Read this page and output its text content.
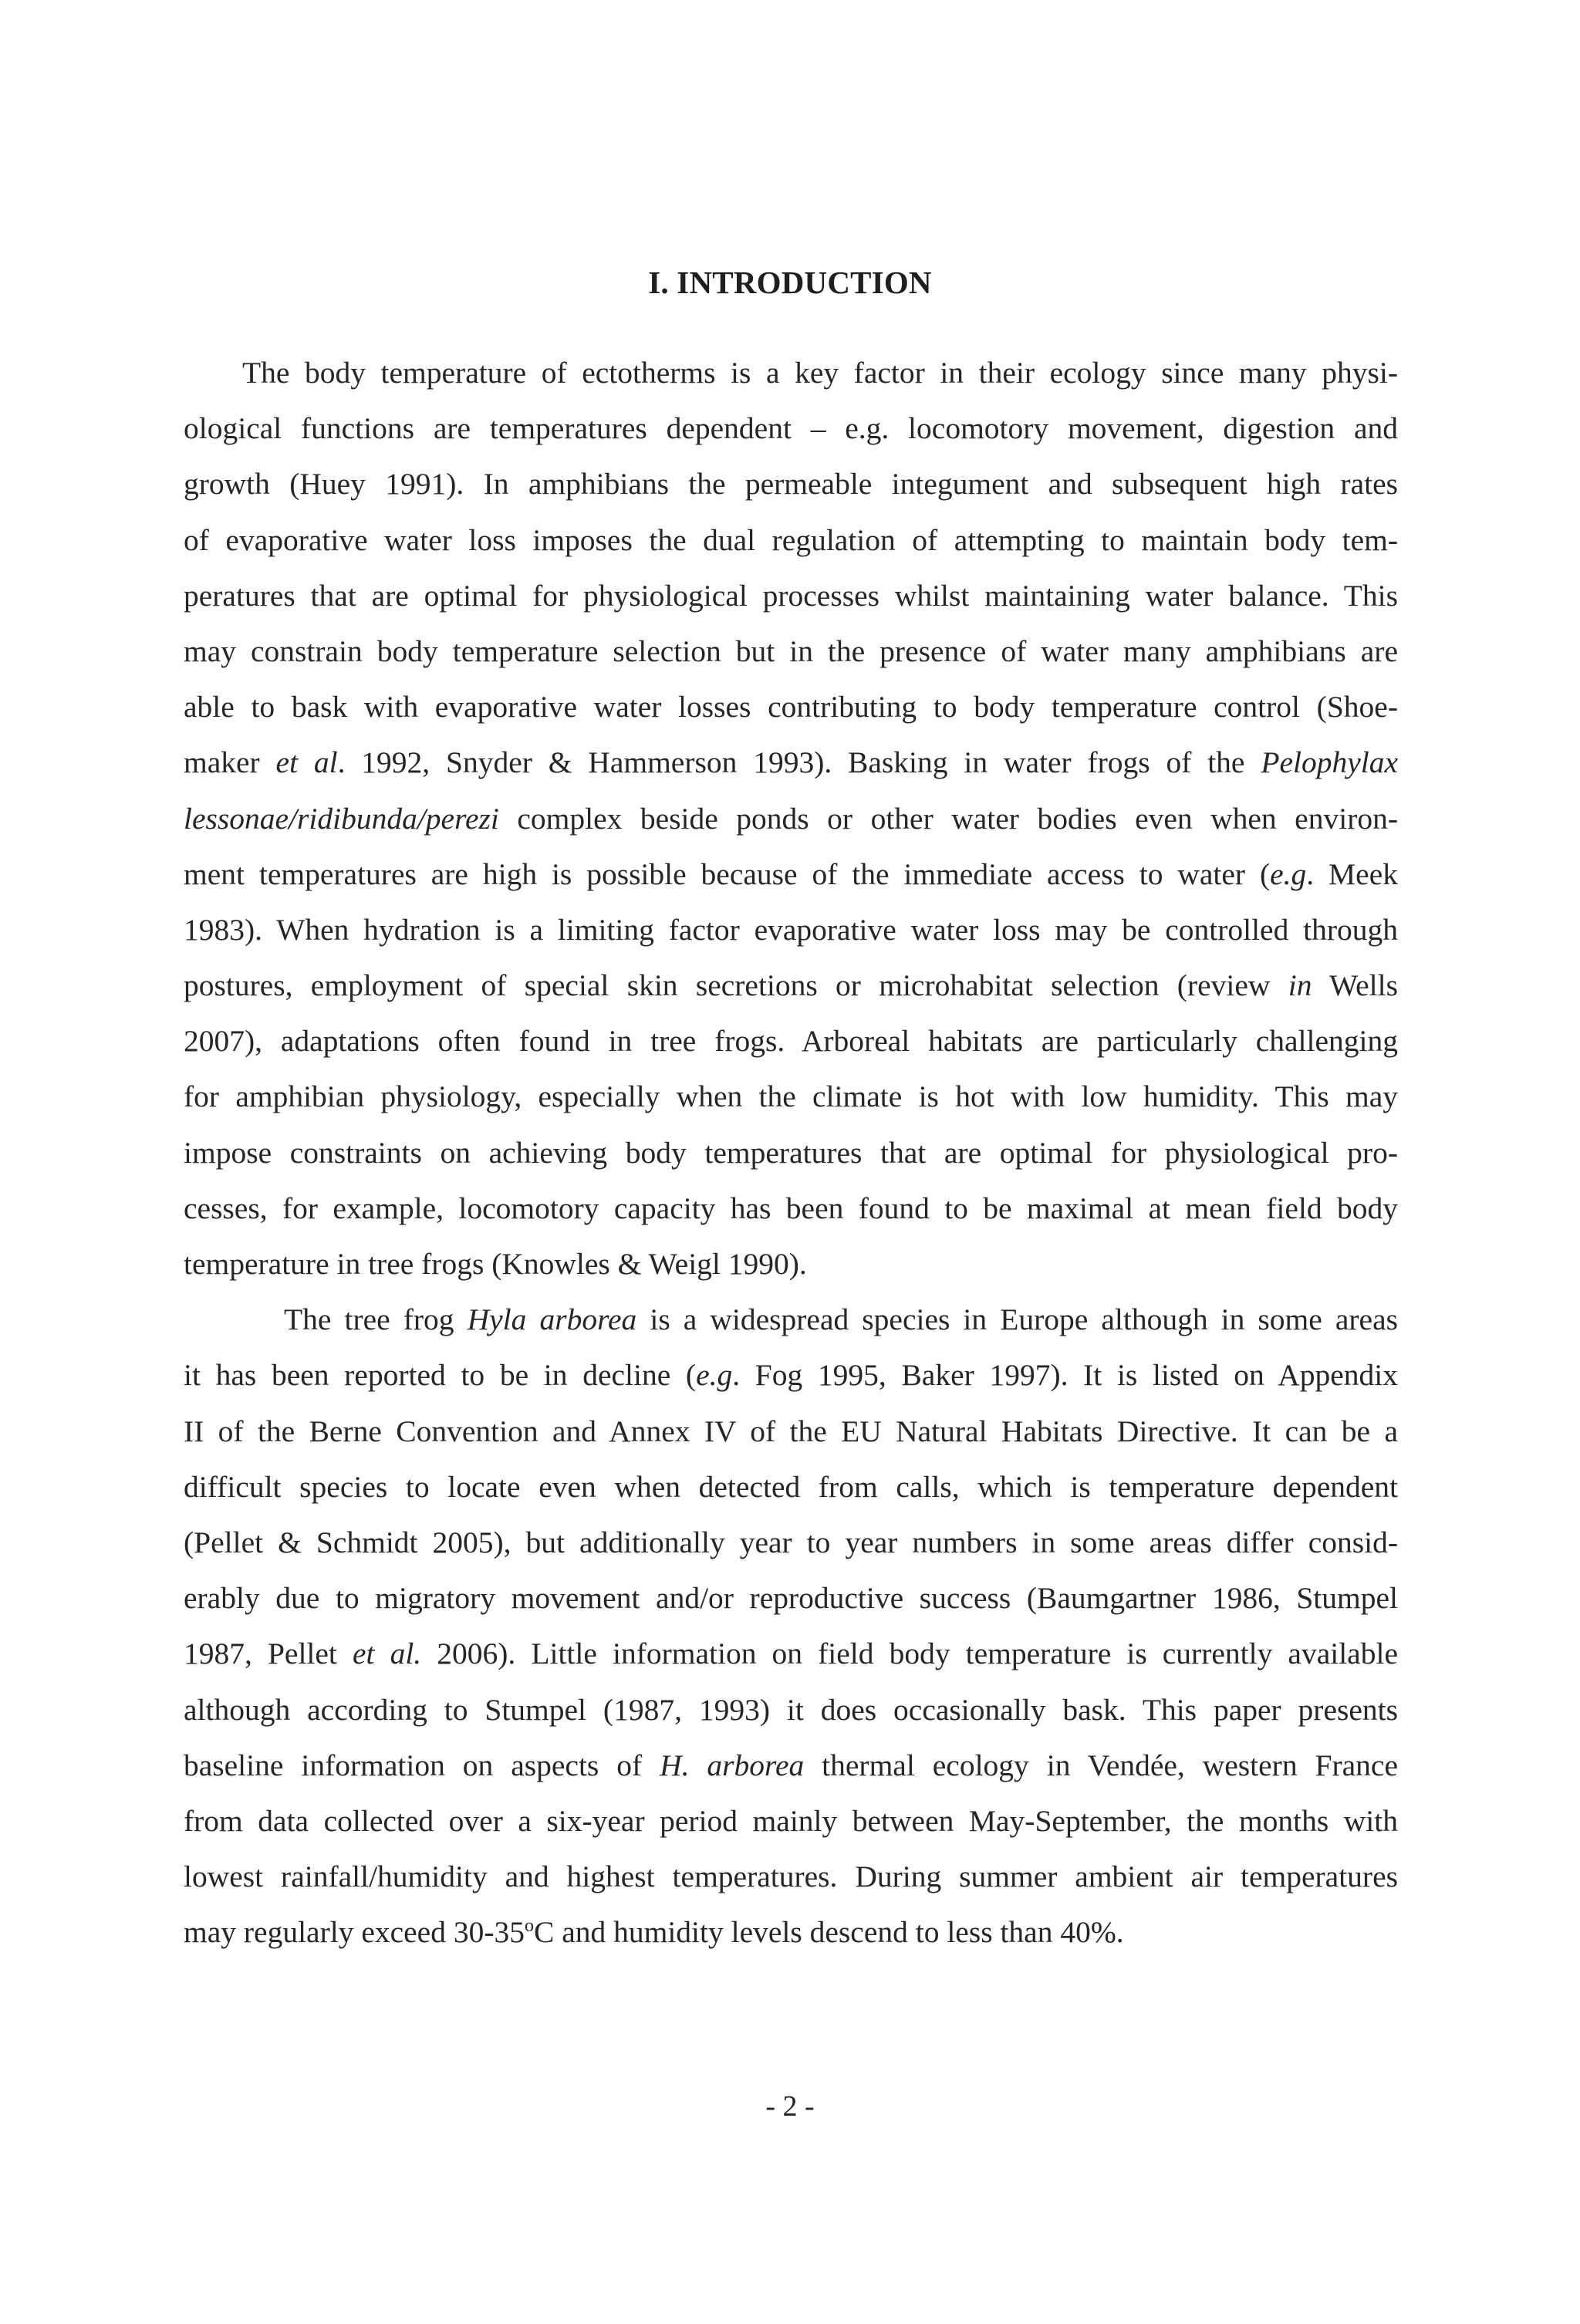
I. INTRODUCTION
The body temperature of ectotherms is a key factor in their ecology since many physi-
ological functions are temperatures dependent – e.g. locomotory movement, digestion and
growth (Huey 1991). In amphibians the permeable integument and subsequent high rates
of evaporative water loss imposes the dual regulation of attempting to maintain body tem-
peratures that are optimal for physiological processes whilst maintaining water balance. This
may constrain body temperature selection but in the presence of water many amphibians are
able to bask with evaporative water losses contributing to body temperature control (Shoe-
maker et al. 1992, Snyder & Hammerson 1993). Basking in water frogs of the Pelophylax
lessonae/ridibunda/perezi complex beside ponds or other water bodies even when environ-
ment temperatures are high is possible because of the immediate access to water (e.g. Meek
1983). When hydration is a limiting factor evaporative water loss may be controlled through
postures, employment of special skin secretions or microhabitat selection (review in Wells
2007), adaptations often found in tree frogs. Arboreal habitats are particularly challenging
for amphibian physiology, especially when the climate is hot with low humidity. This may
impose constraints on achieving body temperatures that are optimal for physiological pro-
cesses, for example, locomotory capacity has been found to be maximal at mean field body
temperature in tree frogs (Knowles & Weigl 1990).
The tree frog Hyla arborea is a widespread species in Europe although in some areas
it has been reported to be in decline (e.g. Fog 1995, Baker 1997). It is listed on Appendix
II of the Berne Convention and Annex IV of the EU Natural Habitats Directive. It can be a
difficult species to locate even when detected from calls, which is temperature dependent
(Pellet & Schmidt 2005), but additionally year to year numbers in some areas differ consid-
erably due to migratory movement and/or reproductive success (Baumgartner 1986, Stumpel
1987, Pellet et al. 2006). Little information on field body temperature is currently available
although according to Stumpel (1987, 1993) it does occasionally bask. This paper presents
baseline information on aspects of H. arborea thermal ecology in Vendée, western France
from data collected over a six-year period mainly between May-September, the months with
lowest rainfall/humidity and highest temperatures. During summer ambient air temperatures
may regularly exceed 30-35$^o$C and humidity levels descend to less than 40%.
- 2 -
